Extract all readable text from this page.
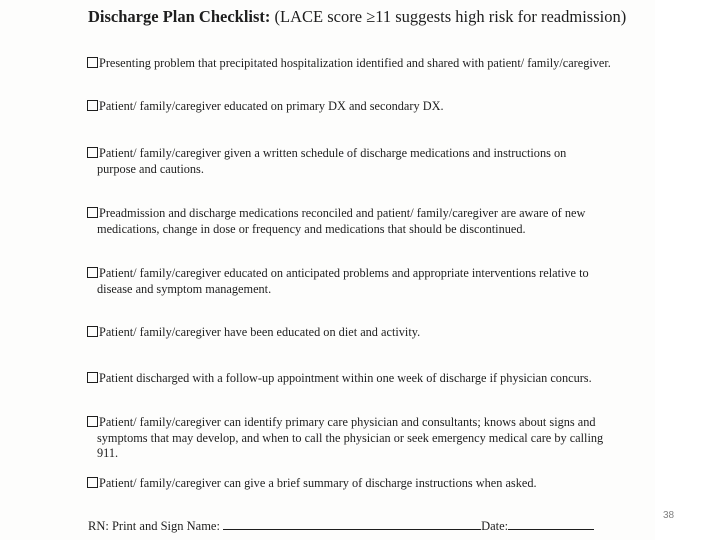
Discharge Plan Checklist: (LACE score ≥11 suggests high risk for readmission)
Presenting problem that precipitated hospitalization identified and shared with patient/ family/caregiver.
Patient/ family/caregiver educated on primary DX and secondary DX.
Patient/ family/caregiver given a written schedule of discharge medications and instructions on
purpose and cautions.
Preadmission and discharge medications reconciled and patient/ family/caregiver are aware of new
medications, change in dose or frequency and medications that should be discontinued.
Patient/ family/caregiver educated on anticipated problems and appropriate interventions relative to
disease and symptom management.
Patient/ family/caregiver have been educated on diet and activity.
Patient discharged with a follow-up appointment within one week of discharge if physician concurs.
Patient/ family/caregiver can identify primary care physician and consultants; knows about signs and
symptoms that may develop, and when to call the physician or seek emergency medical care by calling
911.
Patient/ family/caregiver can give a brief summary of discharge instructions when asked.
RN: Print and Sign Name:	Date:
38
